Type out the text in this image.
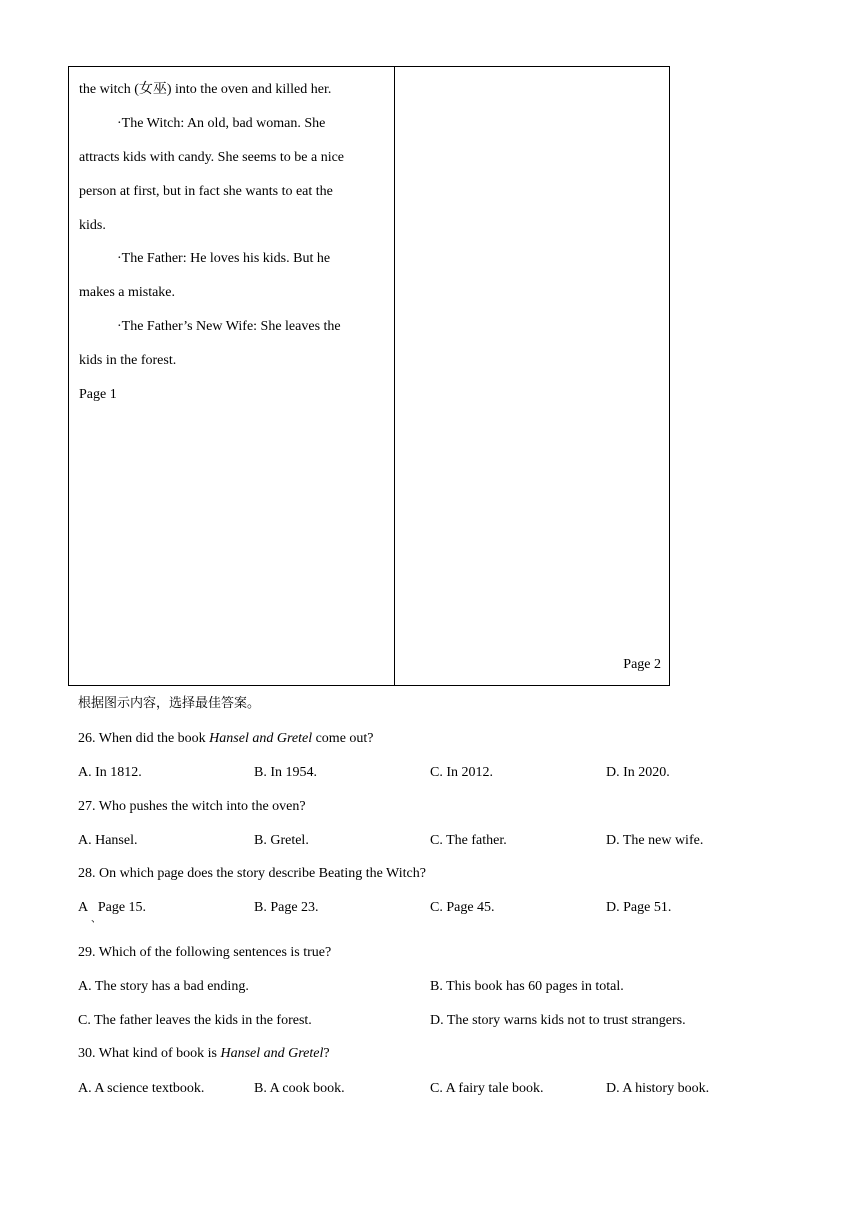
the witch (女巫) into the oven and killed her.
·The Witch: An old, bad woman. She
attracts kids with candy. She seems to be a nice
person at first, but in fact she wants to eat the
kids.
·The Father: He loves his kids. But he
makes a mistake.
·The Father’s New Wife: She leaves the
kids in the forest.
Page 1
Page 2
根据图示内容，选择最佳答案。
26. When did the book Hansel and Gretel come out?
A. In 1812.	B. In 1954.	C. In 2012.	D. In 2020.
27. Who pushes the witch into the oven?
A. Hansel.	B. Gretel.	C. The father.	D. The new wife.
28. On which page does the story describe Beating the Witch?
A   Page 15.	B. Page 23.	C. Page 45.	D. Page 51.
、
29. Which of the following sentences is true?
A. The story has a bad ending.	B. This book has 60 pages in total.
C. The father leaves the kids in the forest.	D. The story warns kids not to trust strangers.
30. What kind of book is Hansel and Gretel?
A. A science textbook.	B. A cook book.	C. A fairy tale book.	D. A history book.
